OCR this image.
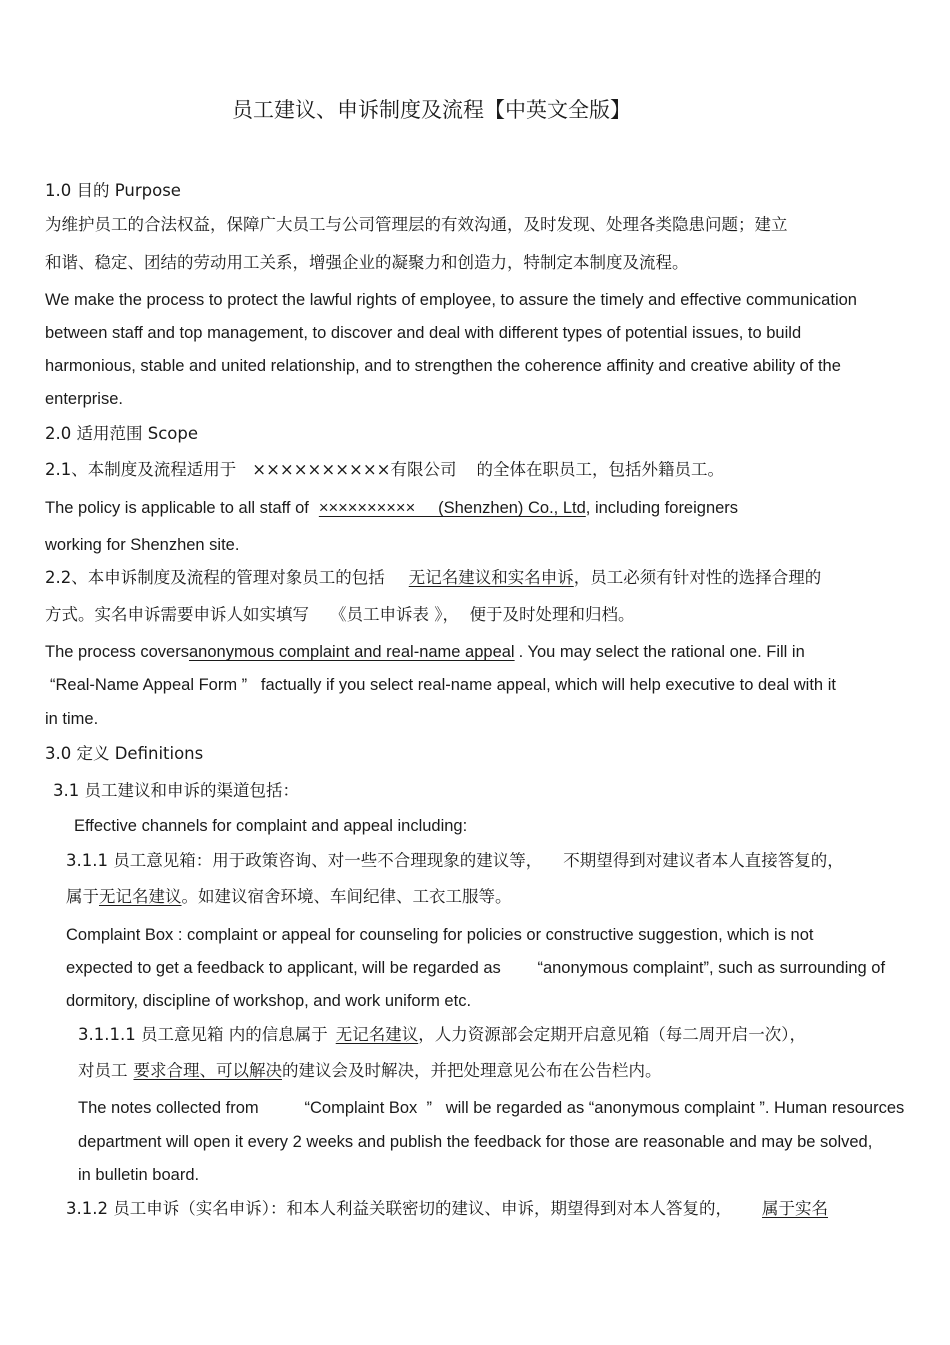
员工建议、申诉制度及流程【中英文全版】
1.0 目的 Purpose
为维护员工的合法权益，保障广大员工与公司管理层的有效沟通，及时发现、处理各类隐患问题；建立
和谐、稳定、团结的劳动用工关系，增强企业的凝聚力和创造力，特制定本制度及流程。
We make the process to protect the lawful rights of employee, to assure the timely and effective communication
between staff and top management, to discover and deal with different types of potential issues, to build
harmonious, stable and united relationship, and to strengthen the coherence affinity and creative ability of the
enterprise.
2.0 适用范围 Scope
2.1、本制度及流程适用于 ××××××××××有限公司 的全体在职员工，包括外籍员工。
The policy is applicable to all staff of ××××××××××     (Shenzhen) Co., Ltd, including foreigners
working for Shenzhen site.
2.2、本申诉制度及流程的管理对象员工的包括 无记名建议和实名申诉，员工必须有针对性的选择合理的
方式。实名申诉需要申诉人如实填写    《员工申诉表 》，  便于及时处理和归档。
The process coversanonymous complaint and real-name appeal . You may select the rational one. Fill in
“Real-Name Appeal Form ”   factually if you select real-name appeal, which will help executive to deal with it
in time.
3.0 定义 Definitions
3.1 员工建议和申诉的渠道包括：
Effective channels for complaint and appeal including:
3.1.1 员工意见箱：用于政策咨询、对一些不合理现象的建议等，    不期望得到对建议者本人直接答复的，
属于无记名建议。如建议宿舍环境、车间纪律、工衣工服等。
Complaint Box : complaint or appeal for counseling for policies or constructive suggestion, which is not
expected to get a feedback to applicant, will be regarded as        “anonymous complaint”, such as surrounding of
dormitory, discipline of workshop, and work uniform etc.
3.1.1.1 员工意见箱 内的信息属于 无记名建议，人力资源部会定期开启意见箱（每二周开启一次），
对员工 要求合理、可以解决的建议会及时解决，并把处理意见公布在公告栏内。
The notes collected from          “Complaint Box  ”   will be regarded as “anonymous complaint ”. Human resources
department will open it every 2 weeks and publish the feedback for those are reasonable and may be solved,
in bulletin board.
3.1.2 员工申诉（实名申诉）：和本人利益关联密切的建议、申诉，期望得到对本人答复的， 属于实名
